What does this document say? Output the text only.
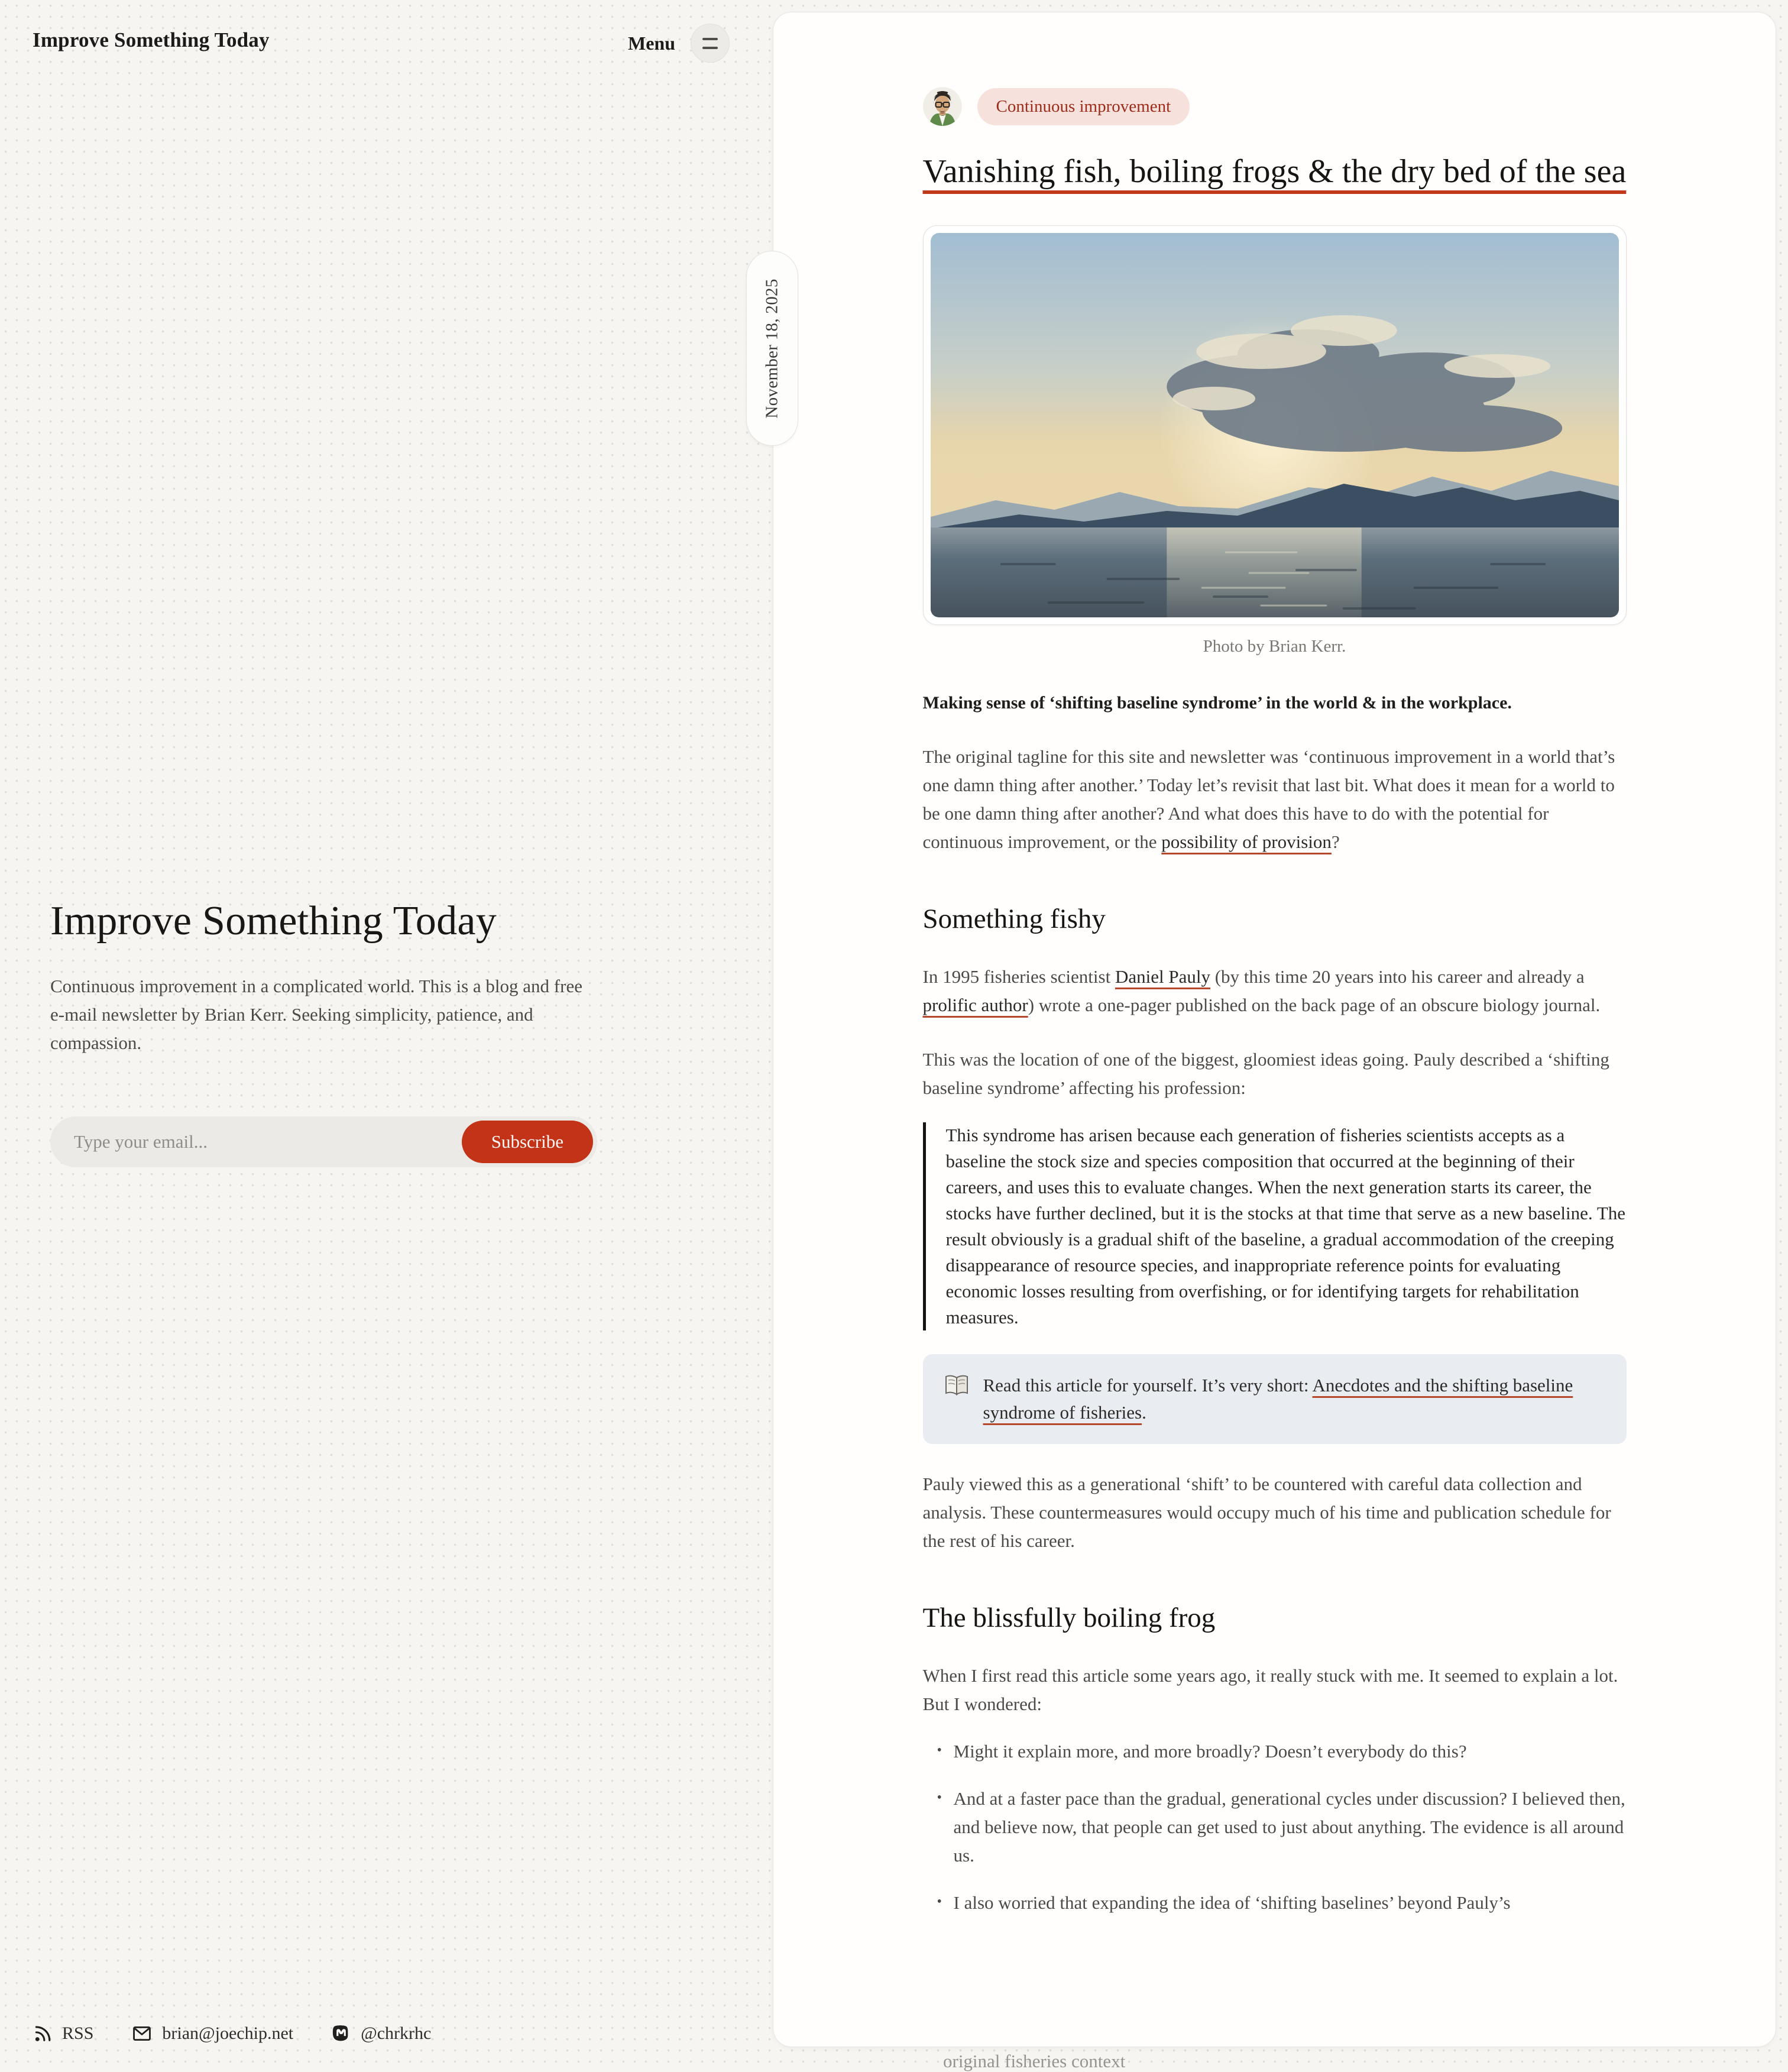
Improve Something Today	Menu
Improve Something Today

Continuous improvement in a complicated world. This is a blog and free e-mail newsletter by Brian Kerr. Seeking simplicity, patience, and compassion.

Type your email...
Subscribe
RSS	brian@joechip.net	@chrkrhc
November 18, 2025
Continuous improvement
Vanishing fish, boiling frogs & the dry bed of the sea
Photo by Brian Kerr.

Making sense of ‘shifting baseline syndrome’ in the world & in the workplace.

The original tagline for this site and newsletter was ‘continuous improvement in a world that’s one damn thing after another.’ Today let’s revisit that last bit. What does it mean for a world to be one damn thing after another? And what does this have to do with the potential for continuous improvement, or the possibility of provision?

Something fishy

In 1995 fisheries scientist Daniel Pauly (by this time 20 years into his career and already a prolific author) wrote a one-pager published on the back page of an obscure biology journal.

This was the location of one of the biggest, gloomiest ideas going. Pauly described a ‘shifting baseline syndrome’ affecting his profession:

This syndrome has arisen because each generation of fisheries scientists accepts as a baseline the stock size and species composition that occurred at the beginning of their careers, and uses this to evaluate changes. When the next generation starts its career, the stocks have further declined, but it is the stocks at that time that serve as a new baseline. The result obviously is a gradual shift of the baseline, a gradual accommodation of the creeping disappearance of resource species, and inappropriate reference points for evaluating economic losses resulting from overfishing, or for identifying targets for rehabilitation measures.
Read this article for yourself. It’s very short: Anecdotes and the shifting baseline syndrome of fisheries.

Pauly viewed this as a generational ‘shift’ to be countered with careful data collection and analysis. These countermeasures would occupy much of his time and publication schedule for the rest of his career.

The blissfully boiling frog

When I first read this article some years ago, it really stuck with me. It seemed to explain a lot. But I wondered:

• Might it explain more, and more broadly? Doesn’t everybody do this?
• And at a faster pace than the gradual, generational cycles under discussion? I believed then, and believe now, that people can get used to just about anything. The evidence is all around us.
• I also worried that expanding the idea of ‘shifting baselines’ beyond Pauly’s
original fisheries context
